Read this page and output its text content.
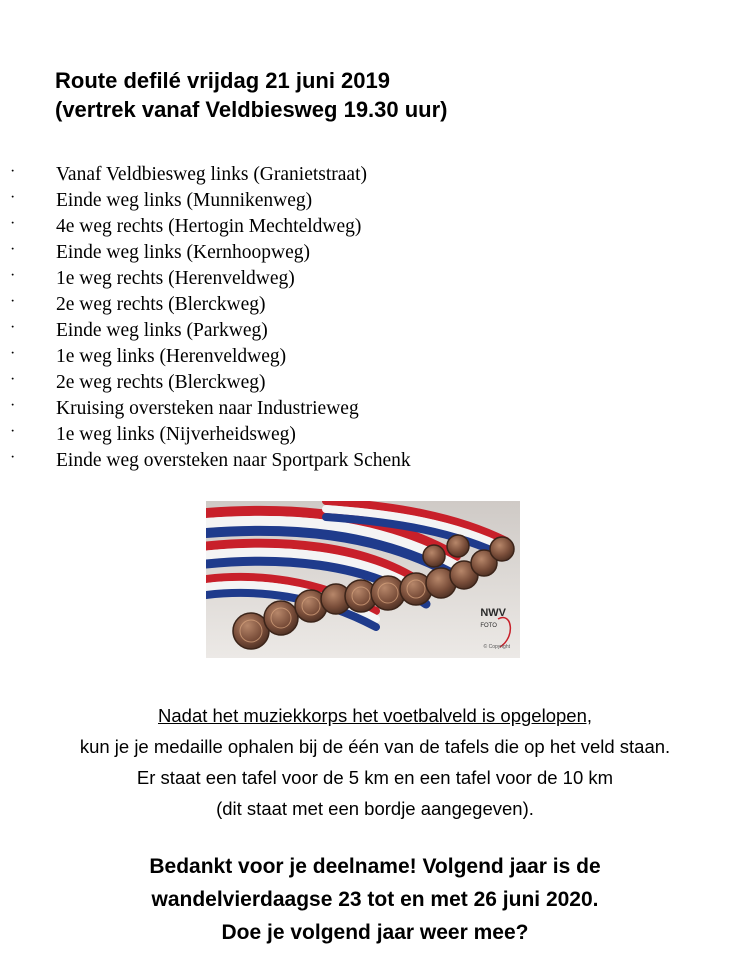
Route defilé vrijdag 21 juni 2019
(vertrek vanaf Veldbiesweg 19.30 uur)
· Vanaf Veldbiesweg links (Granietstraat)
· Einde weg links (Munnikenweg)
· 4e weg rechts (Hertogin Mechteldweg)
· Einde weg links (Kernhoopweg)
· 1e weg rechts (Herenveldweg)
· 2e weg rechts (Blerckweg)
· Einde weg links (Parkweg)
· 1e weg links (Herenveldweg)
· 2e weg rechts (Blerckweg)
· Kruising oversteken naar Industrieweg
· 1e weg links (Nijverheidsweg)
· Einde weg oversteken naar Sportpark Schenk
NWV
FOTO
© Copyright

Nadat het muziekkorps het voetbalveld is opgelopen,
kun je je medaille ophalen bij de één van de tafels die op het veld staan.
Er staat een tafel voor de 5 km en een tafel voor de 10 km
(dit staat met een bordje aangegeven).

Bedankt voor je deelname! Volgend jaar is de
wandelvierdaagse 23 tot en met 26 juni 2020.
Doe je volgend jaar weer mee?
